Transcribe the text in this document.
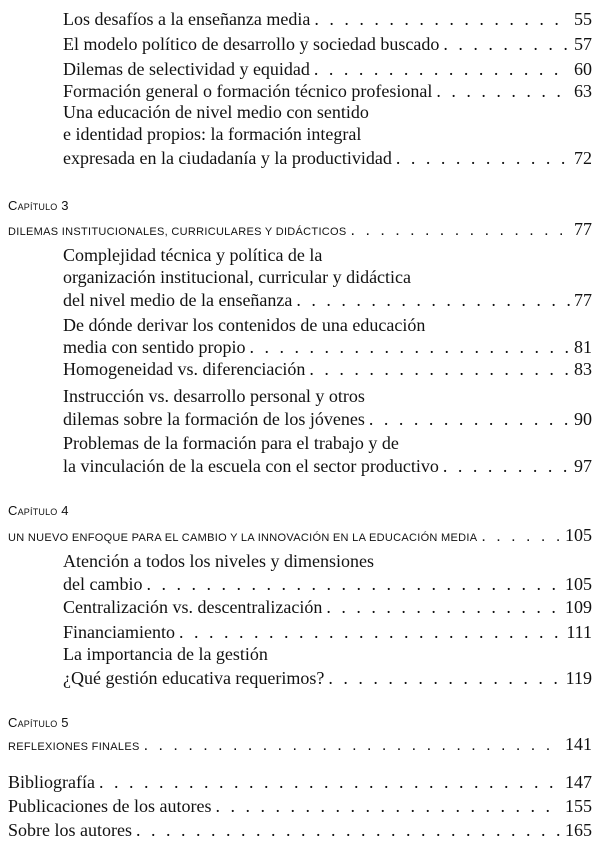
Los desafíos a la enseñanza media . . .	55
El modelo político de desarrollo y sociedad buscado . . .	57
Dilemas de selectividad y equidad . . .	60
Formación general o formación técnico profesional . . .	63
Una educación de nivel medio con sentido
e identidad propios: la formación integral
expresada en la ciudadanía y la productividad . . .	72
Capítulo 3
DILEMAS INSTITUCIONALES, CURRICULARES Y DIDÁCTICOS . . .	77
Complejidad técnica y política de la
organización institucional, curricular y didáctica
del nivel medio de la enseñanza . . .	77
De dónde derivar los contenidos de una educación
media con sentido propio . . .	81
Homogeneidad vs. diferenciación . . .	83
Instrucción vs. desarrollo personal y otros
dilemas sobre la formación de los jóvenes . . .	90
Problemas de la formación para el trabajo y de
la vinculación de la escuela con el sector productivo . . .	97
Capítulo 4
UN NUEVO ENFOQUE PARA EL CAMBIO Y LA INNOVACIÓN EN LA EDUCACIÓN MEDIA . . .	105
Atención a todos los niveles y dimensiones
del cambio . . .	105
Centralización vs. descentralización . . .	109
Financiamiento . . .	111
La importancia de la gestión
¿Qué gestión educativa requerimos? . . .	119
Capítulo 5
REFLEXIONES FINALES . . .	141
Bibliografía . . .	147
Publicaciones de los autores . . .	155
Sobre los autores . . .	165
